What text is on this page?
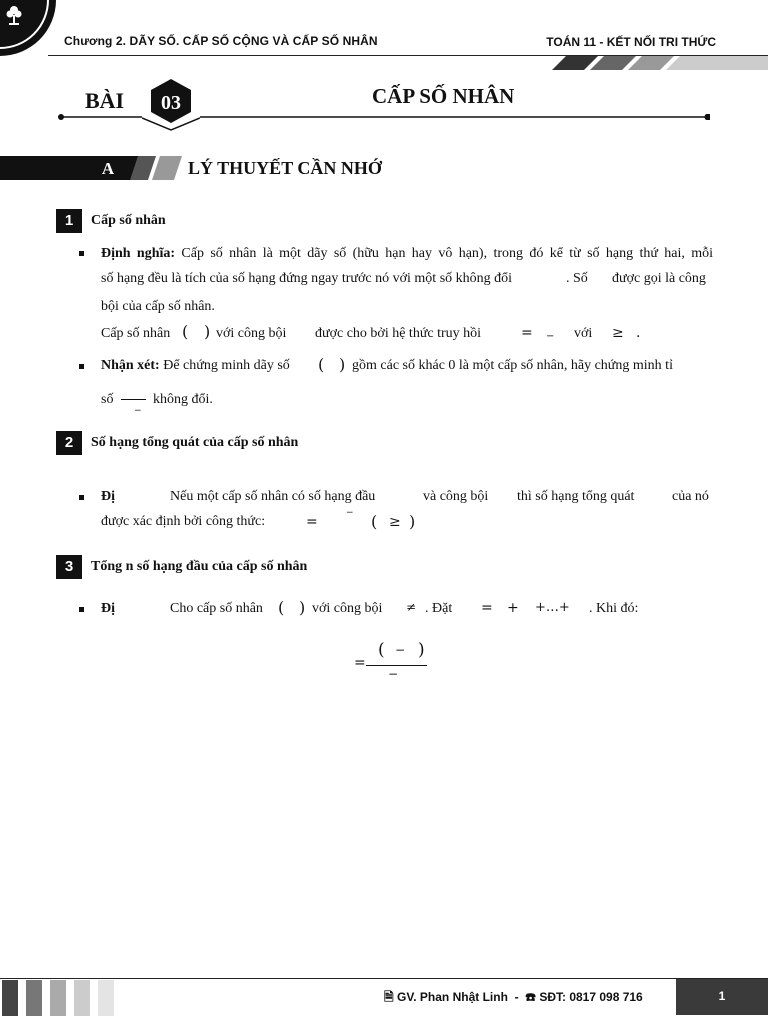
Chương 2. DÃY SỐ. CẤP SỐ CỘNG VÀ CẤP SỐ NHÂN	TOÁN 11 - KẾT NỐI TRI THỨC
BÀI 03	CẤP SỐ NHÂN
A	LÝ THUYẾT CẦN NHỚ
1	Cấp số nhân
Định nghĩa: Cấp số nhân là một dãy số (hữu hạn hay vô hạn), trong đó kể từ số hạng thứ hai, mỗi
số hạng đều là tích của số hạng đứng ngay trước nó với một số không đổi	. Số được gọi là công
bội của cấp số nhân.
Cấp số nhân ( ) với công bội được cho bởi hệ thức truy hồi	= − với ≥ .
Nhận xét: Để chứng minh dãy số ( ) gồm các số khác 0 là một cấp số nhân, hãy chứng minh tỉ
số
−
không đổi.
2	Số hạng tổng quát của cấp số nhân
Đị	Nếu một cấp số nhân có số hạng đầu	và công bội thì số hạng tổng quát	của nó
được xác định bởi công thức:	=
− ( ≥ )
3	Tổng n số hạng đầu của cấp số nhân
Đị	Cho cấp số nhân ( ) với công bội ≠ . Đặt = + +…+ . Khi đó:
=
( − )
−
🗎 GV. Phan Nhật Linh  -  ☎ SĐT: 0817 098 716	1
